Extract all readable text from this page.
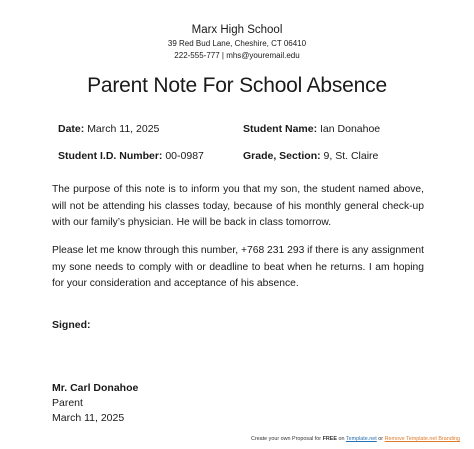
Marx High School
39 Red Bud Lane, Cheshire, CT 06410
222-555-777 | mhs@youremail.edu
Parent Note For School Absence
Date: March 11, 2025	Student Name: Ian Donahoe
Student I.D. Number: 00-0987	Grade, Section: 9, St. Claire

The purpose of this note is to inform you that my son, the student named above, will not be attending his classes today, because of his monthly general check-up with our family’s physician. He will be back in class tomorrow.

Please let me know through this number, +768 231 293 if there is any assignment my sone needs to comply with or deadline to beat when he returns. I am hoping for your consideration and acceptance of his absence.

Signed:
Mr. Carl Donahoe
Parent
March 11, 2025
Create your own Proposal for FREE on Template.net or Remove Template.net Branding
